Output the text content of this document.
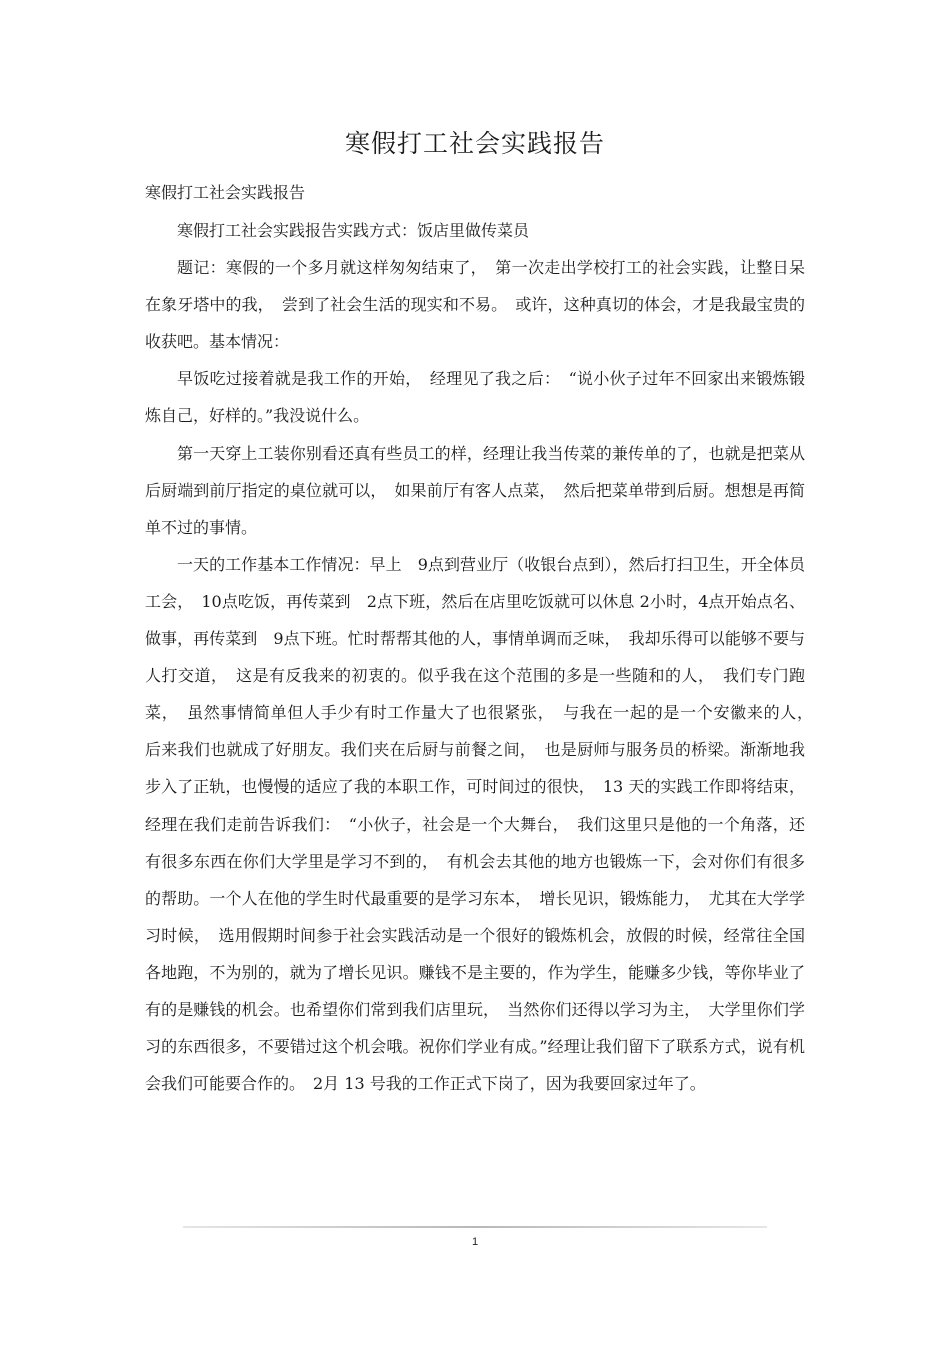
寒假打工社会实践报告
寒假打工社会实践报告

寒假打工社会实践报告实践方式：饭店里做传菜员

题记：寒假的一个多月就这样匆匆结束了，　第一次走出学校打工的社会实践，让整日呆在象牙塔中的我，　尝到了社会生活的现实和不易。　或许，这种真切的体会，才是我最宝贵的收获吧。基本情况：

早饭吃过接着就是我工作的开始，　经理见了我之后：　“说小伙子过年不回家出来锻炼锻炼自己，好样的。”我没说什么。

第一天穿上工装你别看还真有些员工的样，经理让我当传菜的兼传单的了，也就是把菜从后厨端到前厅指定的桌位就可以，　如果前厅有客人点菜，　然后把菜单带到后厨。想想是再简单不过的事情。

一天的工作基本工作情况：早上　9点到营业厅（收银台点到），然后打扫卫生，开全体员工会，　10点吃饭，再传菜到　2点下班，然后在店里吃饭就可以休息 2小时，4点开始点名、做事，再传菜到　9点下班。忙时帮帮其他的人，事情单调而乏味，　我却乐得可以能够不要与人打交道，　这是有反我来的初衷的。似乎我在这个范围的多是一些随和的人，　我们专门跑菜，　虽然事情简单但人手少有时工作量大了也很紧张，　与我在一起的是一个安徽来的人，　后来我们也就成了好朋友。我们夹在后厨与前餐之间，　也是厨师与服务员的桥梁。渐渐地我步入了正轨，也慢慢的适应了我的本职工作，可时间过的很快，　13 天的实践工作即将结束，经理在我们走前告诉我们：　“小伙子，社会是一个大舞台，　我们这里只是他的一个角落，还有很多东西在你们大学里是学习不到的，　有机会去其他的地方也锻炼一下，会对你们有很多的帮助。一个人在他的学生时代最重要的是学习东本，　增长见识，锻炼能力，　尤其在大学学习时候，　选用假期时间参于社会实践活动是一个很好的锻炼机会，放假的时候，经常往全国各地跑，不为别的，就为了增长见识。赚钱不是主要的，作为学生，能赚多少钱，等你毕业了有的是赚钱的机会。也希望你们常到我们店里玩，　当然你们还得以学习为主，　大学里你们学习的东西很多，不要错过这个机会哦。祝你们学业有成。”经理让我们留下了联系方式，说有机会我们可能要合作的。　2月 13 号我的工作正式下岗了，因为我要回家过年了。

1
